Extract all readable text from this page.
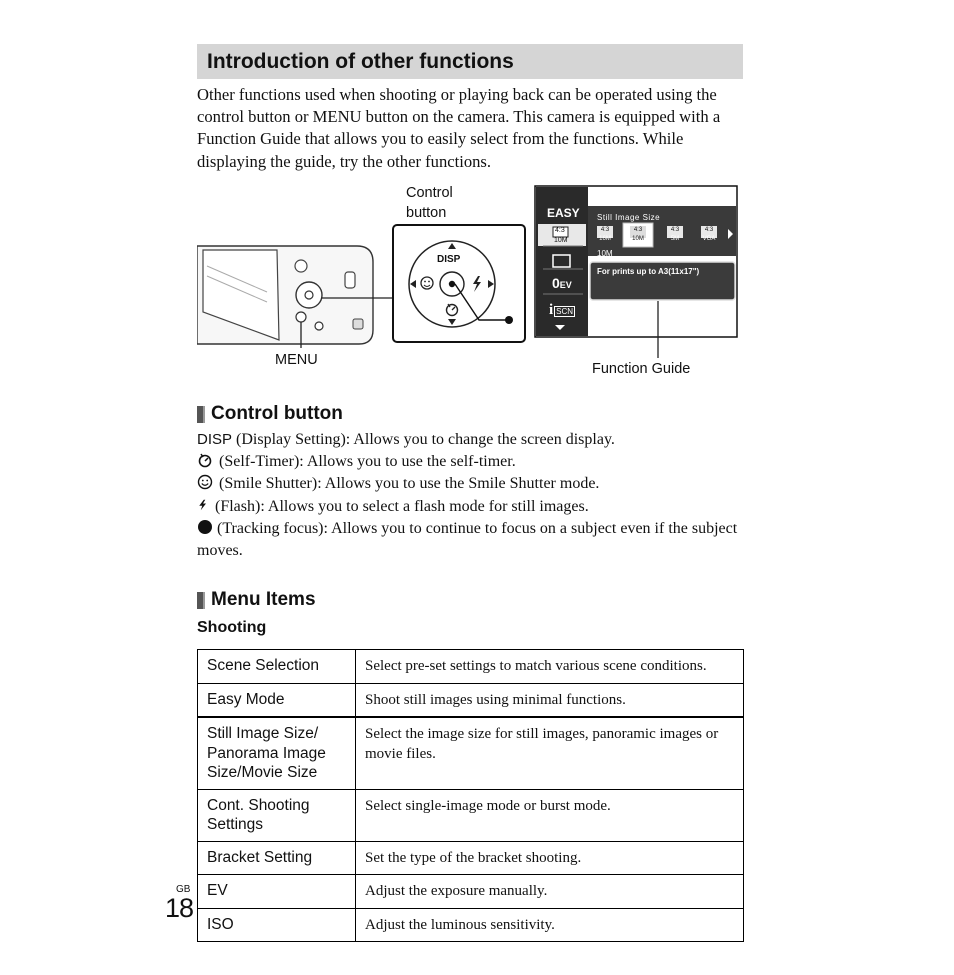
Introduction of other functions

Other functions used when shooting or playing back can be operated using the control button or MENU button on the camera. This camera is equipped with a Function Guide that allows you to easily select from the functions. While displaying the guide, try the other functions.

Control
button
MENU
Function Guide
DISP
EASY
4:3
10M
0EV
iSCN
Still Image Size
4:3
16M
4:3
10M
4:3
5M
4:3
VGA
10M
For prints up to A3(11x17")
Control button
DISP (Display Setting): Allows you to change the screen display.
(Self-Timer): Allows you to use the self-timer.
(Smile Shutter): Allows you to use the Smile Shutter mode.
(Flash): Allows you to select a flash mode for still images.
(Tracking focus): Allows you to continue to focus on a subject even if the subject moves.
Menu Items
Shooting
Scene Selection	Select pre-set settings to match various scene conditions.
Easy Mode	Shoot still images using minimal functions.
Still Image Size/ Panorama Image Size/Movie Size	Select the image size for still images, panoramic images or movie files.
Cont. Shooting Settings	Select single-image mode or burst mode.
Bracket Setting	Set the type of the bracket shooting.
EV	Adjust the exposure manually.
ISO	Adjust the luminous sensitivity.
GB
18
